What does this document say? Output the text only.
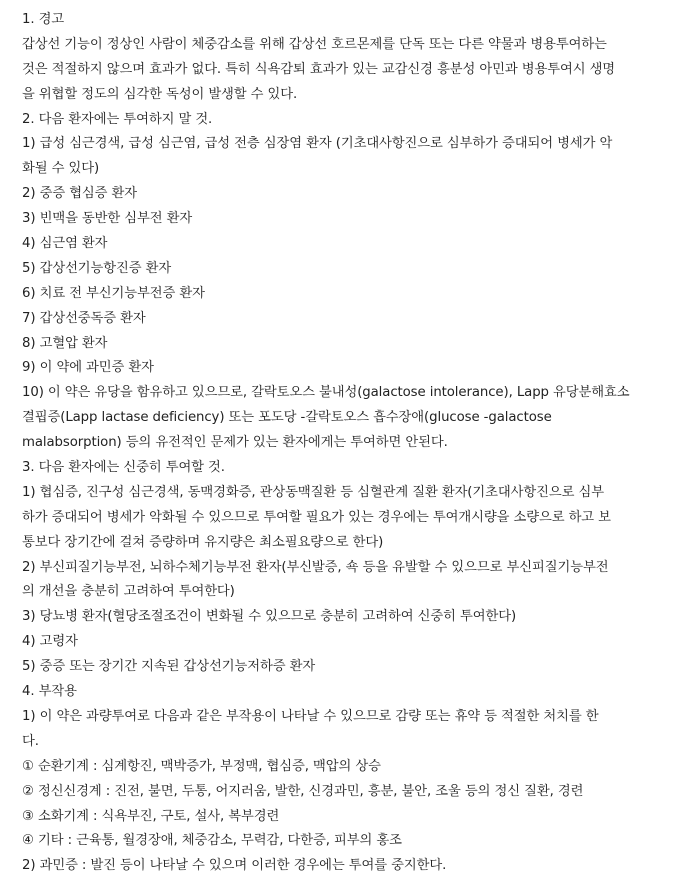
1. 경고
갑상선 기능이 정상인 사람이 체중감소를 위해 갑상선 호르몬제를 단독 또는 다른 약물과 병용투여하는
것은 적절하지 않으며 효과가 없다. 특히 식욕감퇴 효과가 있는 교감신경 흥분성 아민과 병용투여시 생명
을 위협할 정도의 심각한 독성이 발생할 수 있다.
2. 다음 환자에는 투여하지 말 것.
1) 급성 심근경색, 급성 심근염, 급성 전층 심장염 환자 (기초대사항진으로 심부하가 증대되어 병세가 악
화될 수 있다)
2) 중증 협심증 환자
3) 빈맥을 동반한 심부전 환자
4) 심근염 환자
5) 갑상선기능항진증 환자
6) 치료 전 부신기능부전증 환자
7) 갑상선중독증 환자
8) 고혈압 환자
9) 이 약에 과민증 환자
10) 이 약은 유당을 함유하고 있으므로, 갈락토오스 불내성(galactose intolerance), Lapp 유당분해효소
결핍증(Lapp lactase deficiency) 또는 포도당 -갈락토오스 흡수장애(glucose -galactose
malabsorption) 등의 유전적인 문제가 있는 환자에게는 투여하면 안된다.
3. 다음 환자에는 신중히 투여할 것.
1) 협심증, 진구성 심근경색, 동맥경화증, 관상동맥질환 등 심혈관계 질환 환자(기초대사항진으로 심부
하가 증대되어 병세가 악화될 수 있으므로 투여할 필요가 있는 경우에는 투여개시량을 소량으로 하고 보
통보다 장기간에 걸쳐 증량하며 유지량은 최소필요량으로 한다)
2) 부신피질기능부전, 뇌하수체기능부전 환자(부신발증, 쇽 등을 유발할 수 있으므로 부신피질기능부전
의 개선을 충분히 고려하여 투여한다)
3) 당뇨병 환자(혈당조절조건이 변화될 수 있으므로 충분히 고려하여 신중히 투여한다)
4) 고령자
5) 중증 또는 장기간 지속된 갑상선기능저하증 환자
4. 부작용
1) 이 약은 과량투여로 다음과 같은 부작용이 나타날 수 있으므로 감량 또는 휴약 등 적절한 처치를 한
다.
① 순환기계 : 심계항진, 맥박증가, 부정맥, 협심증, 맥압의 상승
② 정신신경계 : 진전, 불면, 두통, 어지러움, 발한, 신경과민, 흥분, 불안, 조울 등의 정신 질환, 경련
③ 소화기계 : 식욕부진, 구토, 설사, 복부경련
④ 기타 : 근육통, 월경장애, 체중감소, 무력감, 다한증, 피부의 홍조
2) 과민증 : 발진 등이 나타날 수 있으며 이러한 경우에는 투여를 중지한다.
